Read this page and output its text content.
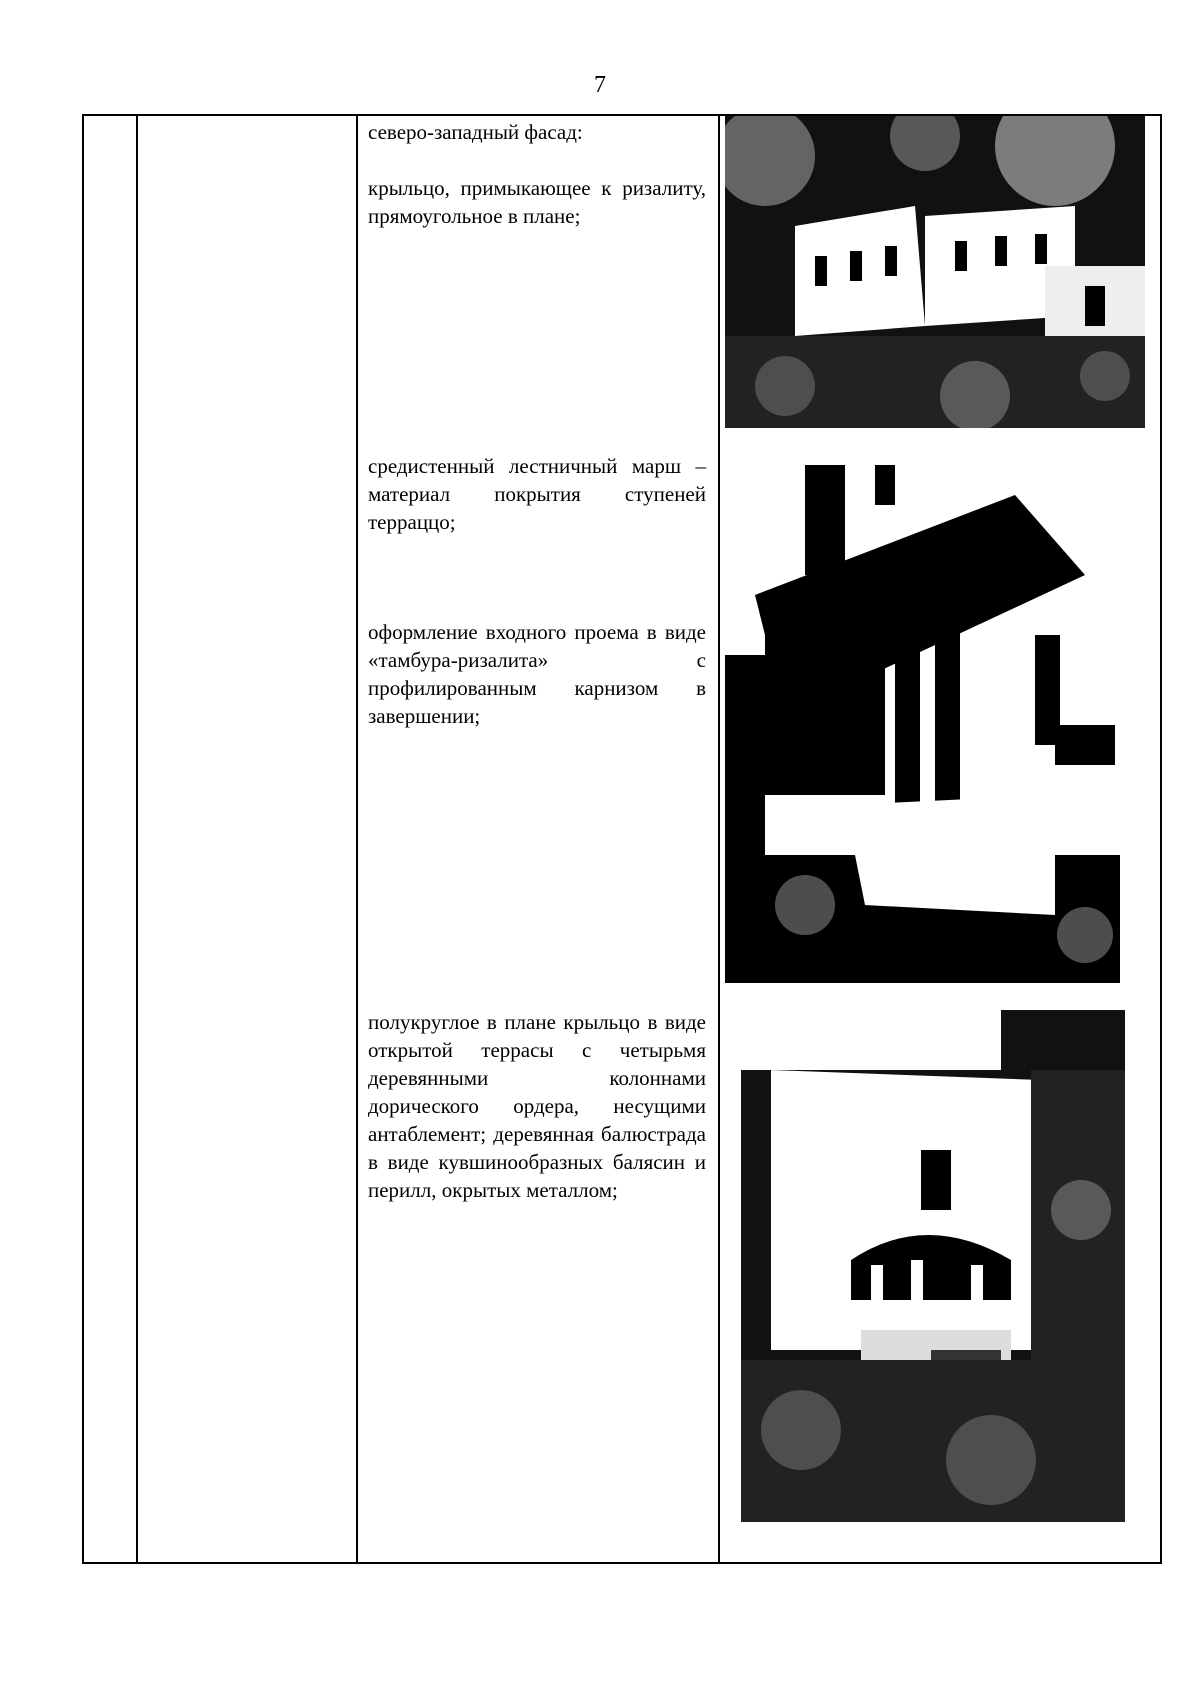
7
северо-западный фасад:
крыльцо, примыкающее к ризалиту, прямоугольное в плане;
средистенный лестничный марш – материал покрытия ступеней терраццо;
оформление входного проема в виде «тамбура-ризалита» с профилированным карнизом в завершении;
полукруглое в плане крыльцо в виде открытой террасы с четырьмя деревянными колоннами дорического ордера, несущими антаблемент; деревянная балюстрада в виде кувшинообразных балясин и перилл, окрытых металлом;
